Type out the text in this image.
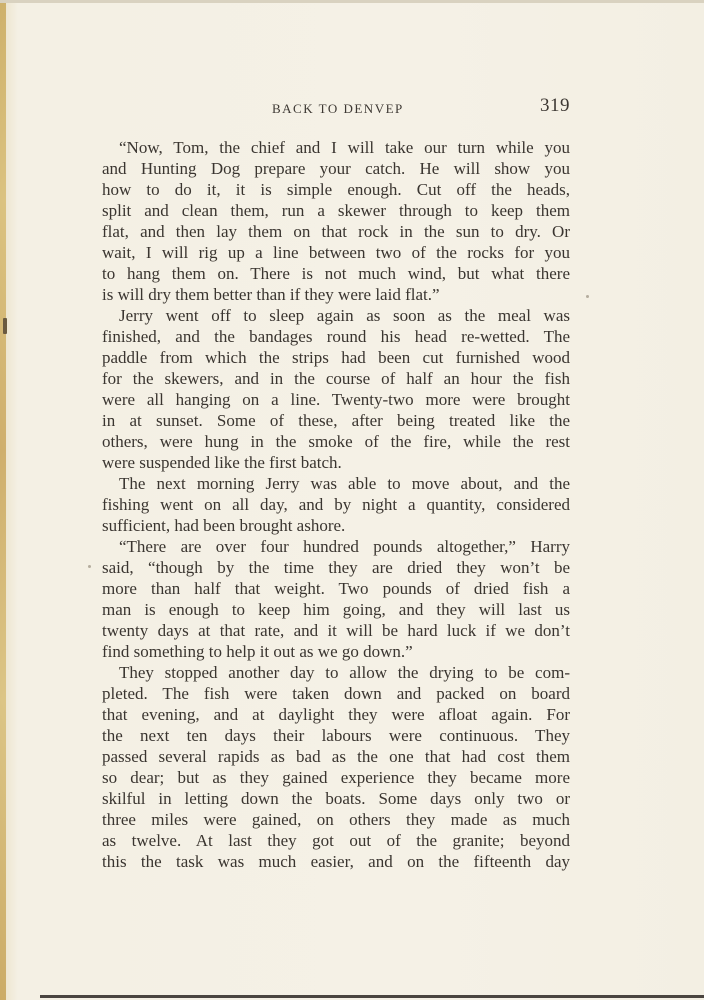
BACK TO DENVEP	319
“Now, Tom, the chief and I will take our turn while you
and Hunting Dog prepare your catch. He will show you
how to do it, it is simple enough. Cut off the heads,
split and clean them, run a skewer through to keep them
flat, and then lay them on that rock in the sun to dry. Or
wait, I will rig up a line between two of the rocks for you
to hang them on. There is not much wind, but what there
is will dry them better than if they were laid flat.”
Jerry went off to sleep again as soon as the meal was
finished, and the bandages round his head re-wetted. The
paddle from which the strips had been cut furnished wood
for the skewers, and in the course of half an hour the fish
were all hanging on a line. Twenty-two more were brought
in at sunset. Some of these, after being treated like the
others, were hung in the smoke of the fire, while the rest
were suspended like the first batch.
The next morning Jerry was able to move about, and the
fishing went on all day, and by night a quantity, considered
sufficient, had been brought ashore.
“There are over four hundred pounds altogether,” Harry
said, “though by the time they are dried they won’t be
more than half that weight. Two pounds of dried fish a
man is enough to keep him going, and they will last us
twenty days at that rate, and it will be hard luck if we don’t
find something to help it out as we go down.”
They stopped another day to allow the drying to be com-
pleted. The fish were taken down and packed on board
that evening, and at daylight they were afloat again. For
the next ten days their labours were continuous. They
passed several rapids as bad as the one that had cost them
so dear; but as they gained experience they became more
skilful in letting down the boats. Some days only two or
three miles were gained, on others they made as much
as twelve. At last they got out of the granite; beyond
this the task was much easier, and on the fifteenth day
